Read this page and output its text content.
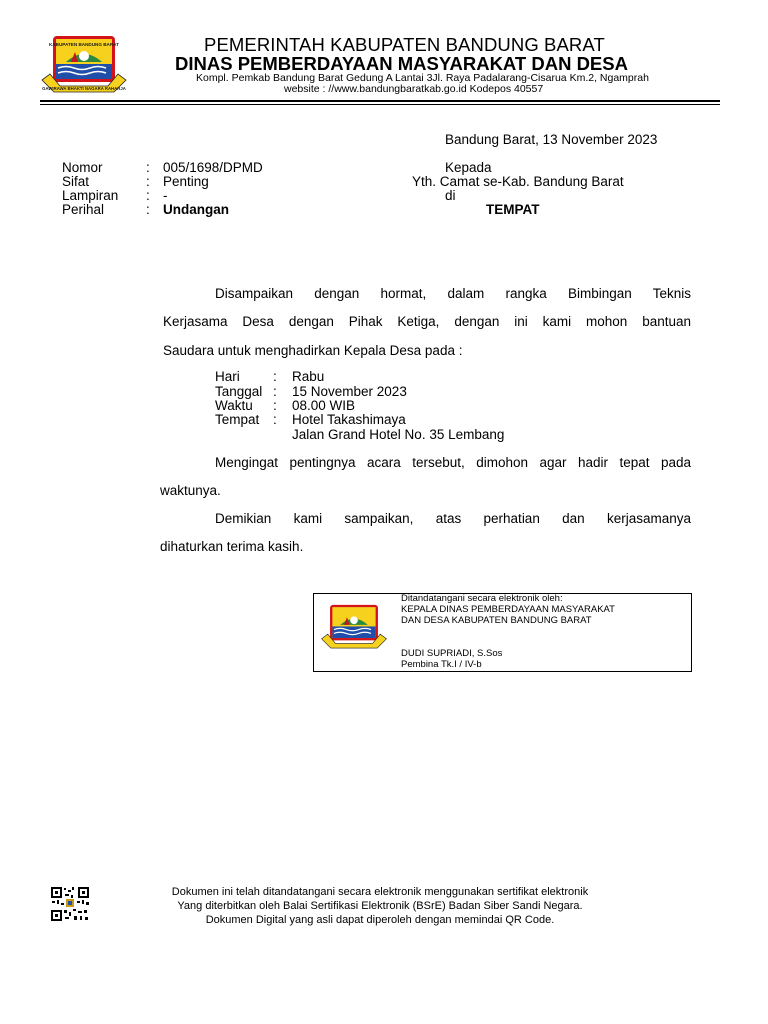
KABUPATEN BANDUNG BARAT
GAWIRAWA BHAKTI NAGARA RAHARJA
PEMERINTAH KABUPATEN BANDUNG BARAT
DINAS PEMBERDAYAAN MASYARAKAT DAN DESA
Kompl. Pemkab Bandung Barat Gedung A Lantai 3Jl. Raya Padalarang-Cisarua Km.2, Ngamprah
website : //www.bandungbaratkab.go.id Kodepos 40557
Bandung Barat, 13 November 2023
Nomor	: 005/1698/DPMD
Sifat	: Penting
Lampiran : -
Perihal	: Undangan
Kepada
Yth. Camat se-Kab. Bandung Barat
di
TEMPAT
Disampaikan dengan hormat, dalam rangka Bimbingan Teknis
Kerjasama Desa dengan Pihak Ketiga, dengan ini kami mohon bantuan
Saudara untuk menghadirkan Kepala Desa pada :
Hari : Rabu
Tanggal : 15 November 2023
Waktu : 08.00 WIB
Tempat : Hotel Takashimaya
Jalan Grand Hotel No. 35 Lembang
Mengingat pentingnya acara tersebut, dimohon agar hadir tepat pada
waktunya.
Demikian kami sampaikan, atas perhatian dan kerjasamanya
dihaturkan terima kasih.
Ditandatangani secara elektronik oleh:
KEPALA DINAS PEMBERDAYAAN MASYARAKAT
DAN DESA KABUPATEN BANDUNG BARAT
DUDI SUPRIADI, S.Sos
Pembina Tk.I / IV-b
Dokumen ini telah ditandatangani secara elektronik menggunakan sertifikat elektronik
Yang diterbitkan oleh Balai Sertifikasi Elektronik (BSrE) Badan Siber Sandi Negara.
Dokumen Digital yang asli dapat diperoleh dengan memindai QR Code.
